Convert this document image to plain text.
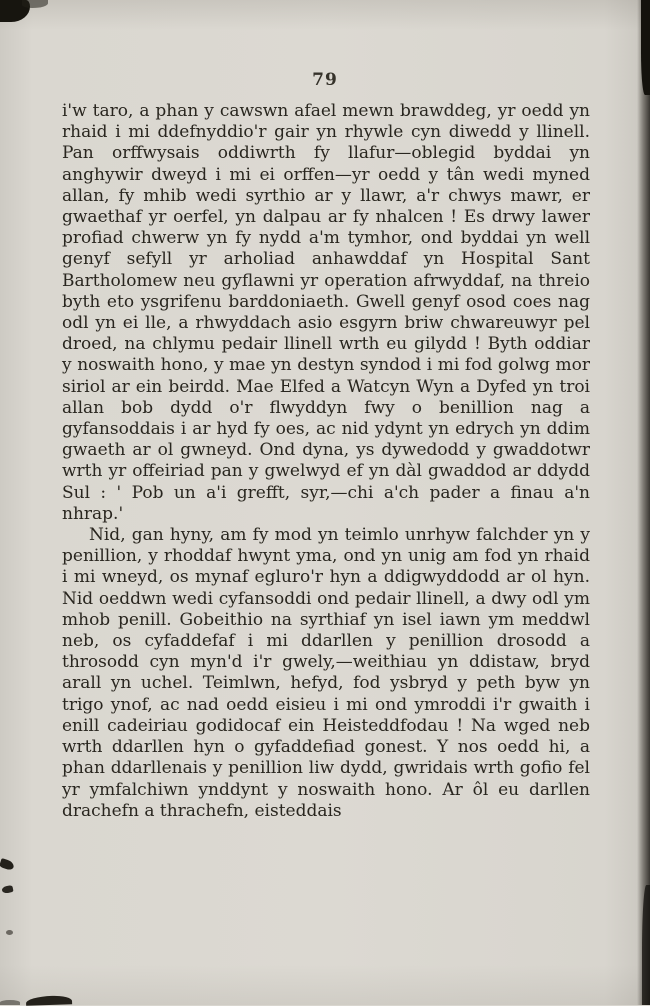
79

i'w taro, a phan y cawswn afael mewn brawddeg, yr oedd yn rhaid i mi ddefnyddio'r gair yn rhywle cyn diwedd y llinell. Pan orffwysais oddiwrth fy llafur—oblegid byddai yn anghywir dweyd i mi ei orffen—yr oedd y tân wedi myned allan, fy mhib wedi syrthio ar y llawr, a'r chwys mawr, er gwaethaf yr oerfel, yn dalpau ar fy nhalcen ! Es drwy lawer profiad chwerw yn fy nydd a'm tymhor, ond byddai yn well genyf sefyll yr arholiad anhawddaf yn Hospital Sant Bartholomew neu gyflawni yr operation afrwyddaf, na threio byth eto ysgrifenu barddoniaeth. Gwell genyf osod coes nag odl yn ei lle, a rhwyddach asio esgyrn briw chwareuwyr pel droed, na chlymu pedair llinell wrth eu gilydd ! Byth oddiar y noswaith hono, y mae yn destyn syndod i mi fod golwg mor siriol ar ein beirdd. Mae Elfed a Watcyn Wyn a Dyfed yn troi allan bob dydd o'r flwyddyn fwy o benillion nag a gyfansoddais i ar hyd fy oes, ac nid ydynt yn edrych yn ddim gwaeth ar ol gwneyd. Ond dyna, ys dywedodd y gwaddotwr wrth yr offeiriad pan y gwelwyd ef yn dàl gwaddod ar ddydd Sul : ' Pob un a'i grefft, syr,—chi a'ch pader a finau a'n nhrap.'

Nid, gan hyny, am fy mod yn teimlo unrhyw falchder yn y penillion, y rhoddaf hwynt yma, ond yn unig am fod yn rhaid i mi wneyd, os mynaf egluro'r hyn a ddigwyddodd ar ol hyn. Nid oeddwn wedi cyfansoddi ond pedair llinell, a dwy odl ym mhob penill. Gobeithio na syrthiaf yn isel iawn ym meddwl neb, os cyfaddefaf i mi ddarllen y penillion drosodd a throsodd cyn myn'd i'r gwely,—weithiau yn ddistaw, bryd arall yn uchel. Teimlwn, hefyd, fod ysbryd y peth byw yn trigo ynof, ac nad oedd eisieu i mi ond ymroddi i'r gwaith i enill cadeiriau godidocaf ein Heisteddfodau ! Na wged neb wrth ddarllen hyn o gyfaddefiad gonest. Y nos oedd hi, a phan ddarllenais y penillion liw dydd, gwridais wrth gofio fel yr ymfalchiwn ynddynt y noswaith hono. Ar ôl eu darllen drachefn a thrachefn, eisteddais
